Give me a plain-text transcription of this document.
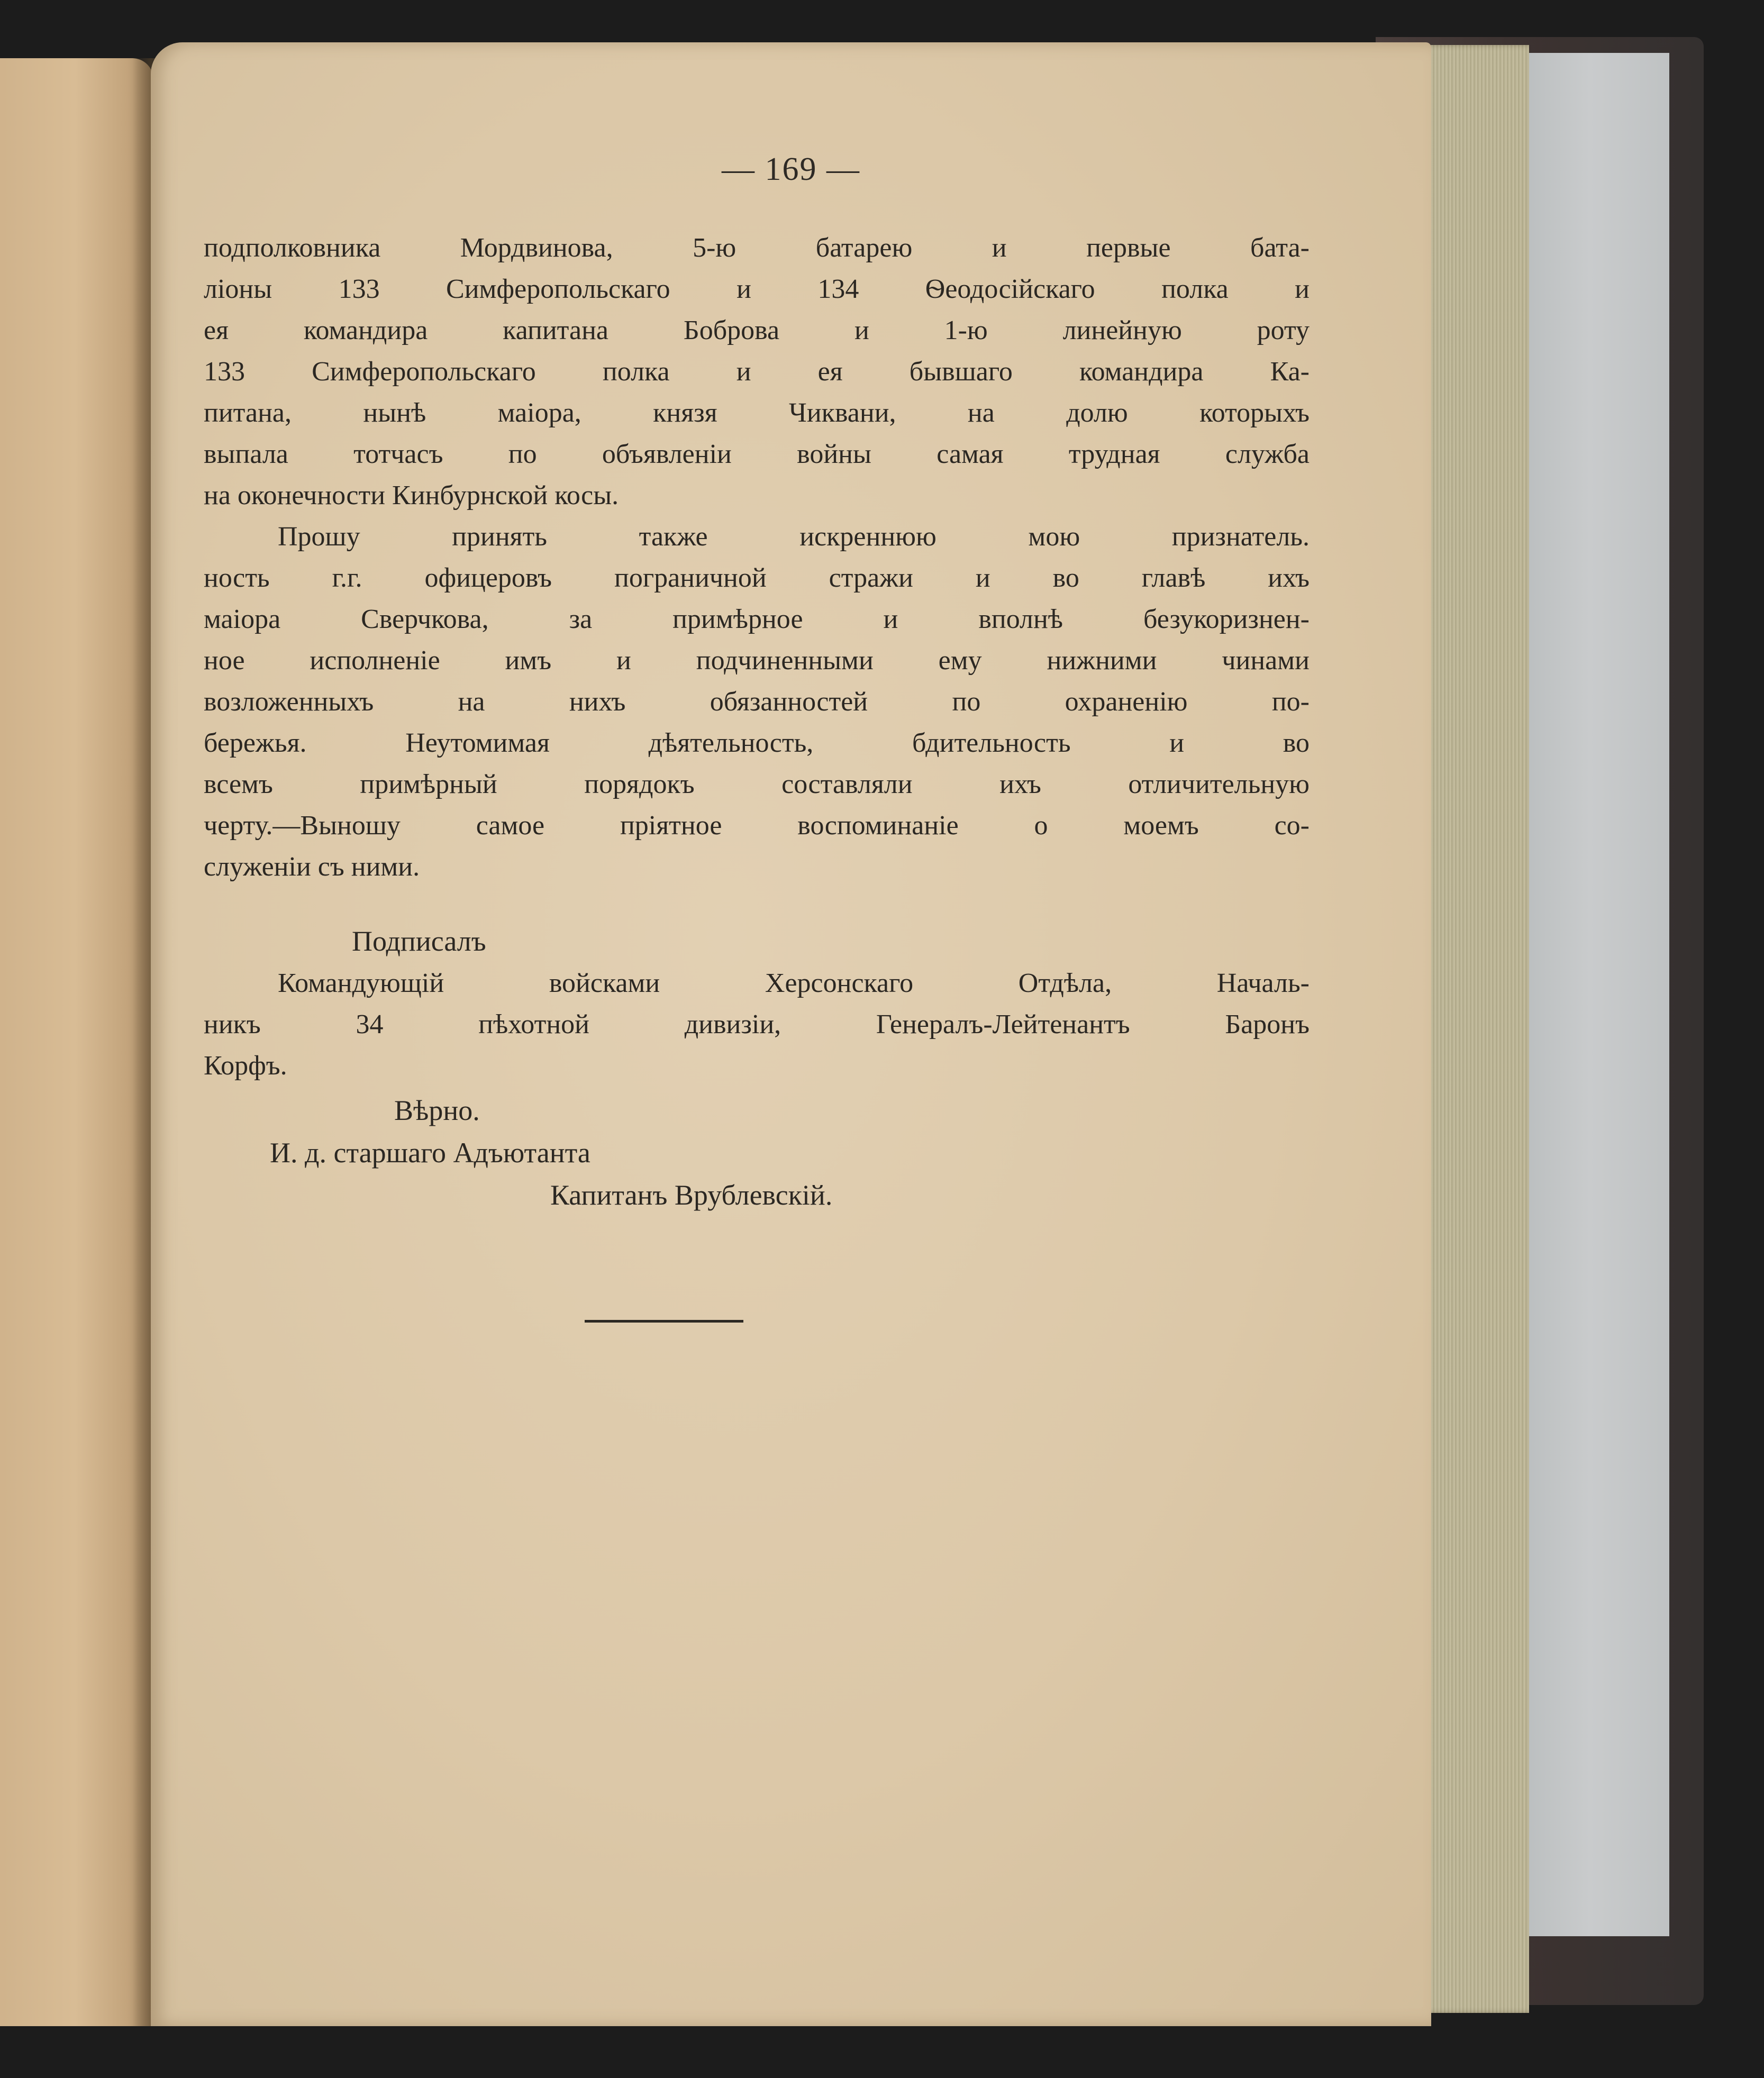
— 169 —
подполковника Мордвинова, 5-ю батарею и первые бата-
ліоны 133 Симферопольскаго и 134 Ѳеодосійскаго полка и
ея командира капитана Боброва и 1-ю линейную роту
133 Симферопольскаго полка и ея бывшаго командира Ка-
питана, нынѣ маіора, князя Чиквани, на долю которыхъ
выпала тотчасъ по объявленіи войны самая трудная служба
на оконечности Кинбурнской косы.
Прошу принять также искреннюю мою признатель.
ность г.г. офицеровъ пограничной стражи и во главѣ ихъ
маіора Сверчкова, за примѣрное и вполнѣ безукоризнен-
ное исполненіе имъ и подчиненными ему нижними чинами
возложенныхъ на нихъ обязанностей по охраненію по-
бережья. Неутомимая дѣятельность, бдительность и во
всемъ примѣрный порядокъ составляли ихъ отличительную
черту.—Выношу самое пріятное воспоминаніе о моемъ со-
служеніи съ ними.
Подписалъ
Командующій войсками Херсонскаго Отдѣла, Началь-
никъ 34 пѣхотной дивизіи, Генералъ-Лейтенантъ Баронъ
Корфъ.
Вѣрно.
И. д. старшаго Адъютанта
Капитанъ Врублевскій.
